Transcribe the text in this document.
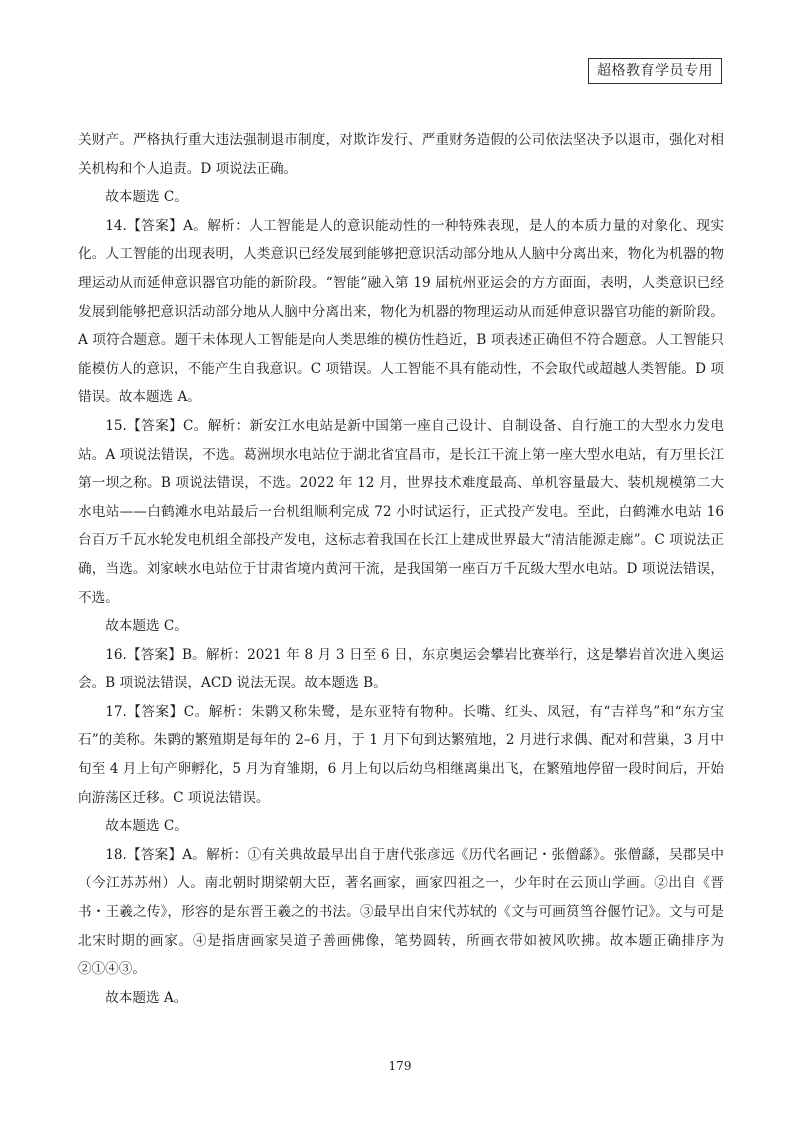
超格教育学员专用

关财产。严格执行重大违法强制退市制度，对欺诈发行、严重财务造假的公司依法坚决予以退市，强化对相关机构和个人追责。D 项说法正确。

故本题选 C。

14.【答案】A。解析：人工智能是人的意识能动性的一种特殊表现，是人的本质力量的对象化、现实化。人工智能的出现表明，人类意识已经发展到能够把意识活动部分地从人脑中分离出来，物化为机器的物理运动从而延伸意识器官功能的新阶段。“智能”融入第 19 届杭州亚运会的方方面面，表明，人类意识已经发展到能够把意识活动部分地从人脑中分离出来，物化为机器的物理运动从而延伸意识器官功能的新阶段。A 项符合题意。题干未体现人工智能是向人类思维的模仿性趋近，B 项表述正确但不符合题意。人工智能只能模仿人的意识，不能产生自我意识。C 项错误。人工智能不具有能动性，不会取代或超越人类智能。D 项错误。故本题选 A。

15.【答案】C。解析：新安江水电站是新中国第一座自己设计、自制设备、自行施工的大型水力发电站。A 项说法错误，不选。葛洲坝水电站位于湖北省宜昌市，是长江干流上第一座大型水电站，有万里长江第一坝之称。B 项说法错误，不选。2022 年 12 月，世界技术难度最高、单机容量最大、装机规模第二大水电站——白鹤滩水电站最后一台机组顺利完成 72 小时试运行，正式投产发电。至此，白鹤滩水电站 16 台百万千瓦水轮发电机组全部投产发电，这标志着我国在长江上建成世界最大“清洁能源走廊”。C 项说法正确，当选。刘家峡水电站位于甘肃省境内黄河干流，是我国第一座百万千瓦级大型水电站。D 项说法错误，不选。

故本题选 C。

16.【答案】B。解析：2021 年 8 月 3 日至 6 日，东京奥运会攀岩比赛举行，这是攀岩首次进入奥运会。B 项说法错误，ACD 说法无误。故本题选 B。

17.【答案】C。解析：朱鹮又称朱鹭，是东亚特有物种。长嘴、红头、凤冠，有“吉祥鸟”和“东方宝石”的美称。朱鹮的繁殖期是每年的 2–6 月，于 1 月下旬到达繁殖地，2 月进行求偶、配对和营巢，3 月中旬至 4 月上旬产卵孵化，5 月为育雏期，6 月上旬以后幼鸟相继离巢出飞，在繁殖地停留一段时间后，开始向游荡区迁移。C 项说法错误。

故本题选 C。

18.【答案】A。解析：①有关典故最早出自于唐代张彦远《历代名画记・张僧繇》。张僧繇，吴郡吴中（今江苏苏州）人。南北朝时期梁朝大臣，著名画家，画家四祖之一，少年时在云顶山学画。②出自《晋书・王羲之传》，形容的是东晋王羲之的书法。③最早出自宋代苏轼的《文与可画筼筜谷偃竹记》。文与可是北宋时期的画家。④是指唐画家吴道子善画佛像，笔势圆转，所画衣带如被风吹拂。故本题正确排序为②①④③。

故本题选 A。

179
